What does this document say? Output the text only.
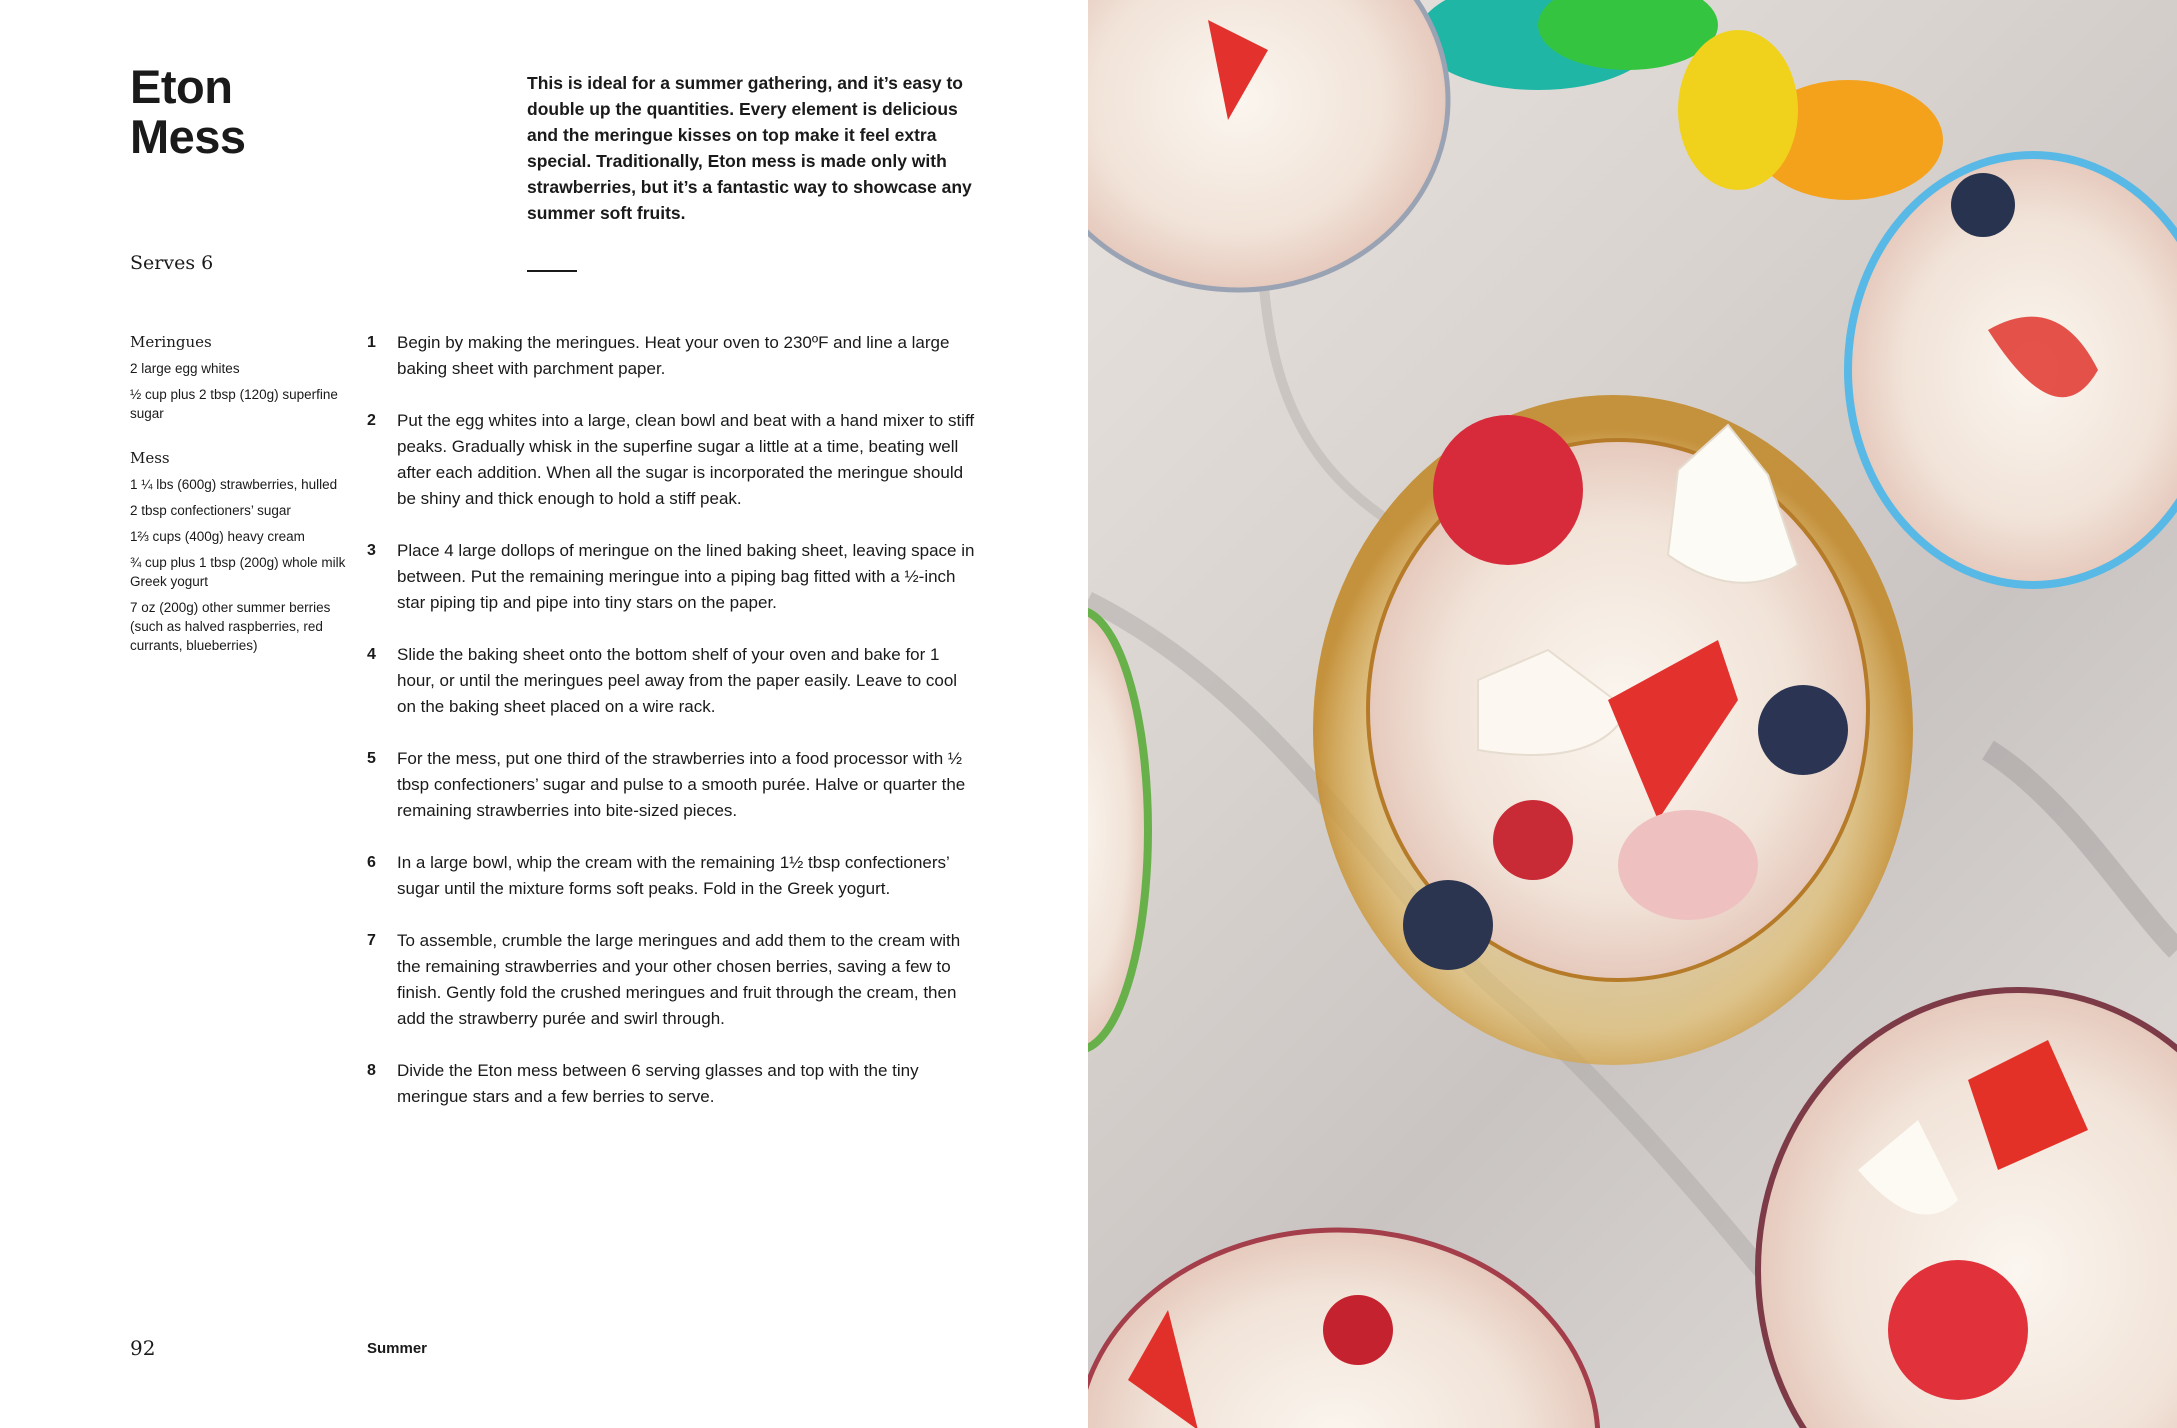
Eton
Mess

This is ideal for a summer gathering, and it’s easy to double up the quantities. Every element is delicious and the meringue kisses on top make it feel extra special. Traditionally, Eton mess is made only with strawberries, but it’s a fantastic way to showcase any summer soft fruits.

Serves 6
Meringues
2 large egg whites
½ cup plus 2 tbsp (120g) superfine sugar
Mess
1 ¼ lbs (600g) strawberries, hulled
2 tbsp confectioners’ sugar
1⅔ cups (400g) heavy cream
¾ cup plus 1 tbsp (200g) whole milk Greek yogurt
7 oz (200g) other summer berries (such as halved raspberries, red currants, blueberries)
1	Begin by making the meringues. Heat your oven to 230ºF and line a large baking sheet with parchment paper.
2	Put the egg whites into a large, clean bowl and beat with a hand mixer to stiff peaks. Gradually whisk in the superfine sugar a little at a time, beating well after each addition. When all the sugar is incorporated the meringue should be shiny and thick enough to hold a stiff peak.
3	Place 4 large dollops of meringue on the lined baking sheet, leaving space in between. Put the remaining meringue into a piping bag fitted with a ½-inch star piping tip and pipe into tiny stars on the paper.
4	Slide the baking sheet onto the bottom shelf of your oven and bake for 1 hour, or until the meringues peel away from the paper easily. Leave to cool on the baking sheet placed on a wire rack.
5	For the mess, put one third of the strawberries into a food processor with ½ tbsp confectioners’ sugar and pulse to a smooth purée. Halve or quarter the remaining strawberries into bite-sized pieces.
6	In a large bowl, whip the cream with the remaining 1½ tbsp confectioners’ sugar until the mixture forms soft peaks. Fold in the Greek yogurt.
7	To assemble, crumble the large meringues and add them to the cream with the remaining strawberries and your other chosen berries, saving a few to finish. Gently fold the crushed meringues and fruit through the cream, then add the strawberry purée and swirl through.
8	Divide the Eton mess between 6 serving glasses and top with the tiny meringue stars and a few berries to serve.
92	Summer
